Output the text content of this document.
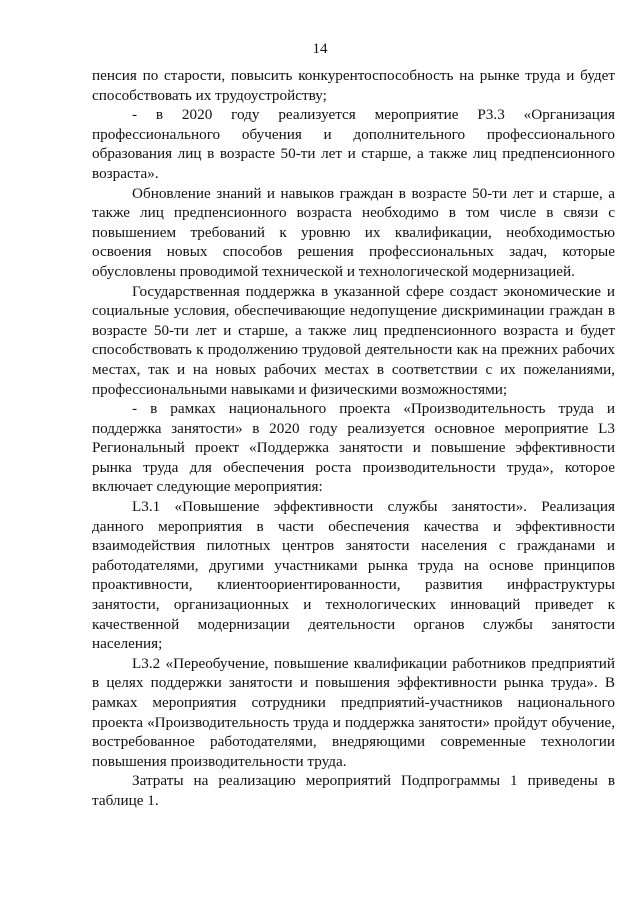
14

пенсия по старости, повысить конкурентоспособность на рынке труда и будет способствовать их трудоустройству;

- в 2020 году реализуется мероприятие Р3.3 «Организация профессионального обучения и дополнительного профессионального образования лиц в возрасте 50-ти лет и старше, а также лиц предпенсионного возраста».

Обновление знаний и навыков граждан в возрасте 50-ти лет и старше, а также лиц предпенсионного возраста необходимо в том числе в связи с повышением требований к уровню их квалификации, необходимостью освоения новых способов решения профессиональных задач, которые обусловлены проводимой технической и технологической модернизацией.

Государственная поддержка в указанной сфере создаст экономические и социальные условия, обеспечивающие недопущение дискриминации граждан в возрасте 50-ти лет и старше, а также лиц предпенсионного возраста и будет способствовать к продолжению трудовой деятельности как на прежних рабочих местах, так и на новых рабочих местах в соответствии с их пожеланиями, профессиональными навыками и физическими возможностями;

- в рамках национального проекта «Производительность труда и поддержка занятости» в 2020 году реализуется основное мероприятие L3 Региональный проект «Поддержка занятости и повышение эффективности рынка труда для обеспечения роста производительности труда», которое включает следующие мероприятия:

L3.1 «Повышение эффективности службы занятости». Реализация данного мероприятия в части обеспечения качества и эффективности взаимодействия пилотных центров занятости населения с гражданами и работодателями, другими участниками рынка труда на основе принципов проактивности, клиентоориентированности, развития инфраструктуры занятости, организационных и технологических инноваций приведет к качественной модернизации деятельности органов службы занятости населения;

L3.2 «Переобучение, повышение квалификации работников предприятий в целях поддержки занятости и повышения эффективности рынка труда». В рамках мероприятия сотрудники предприятий-участников национального проекта «Производительность труда и поддержка занятости» пройдут обучение, востребованное работодателями, внедряющими современные технологии повышения производительности труда.

Затраты на реализацию мероприятий Подпрограммы 1 приведены в таблице 1.
